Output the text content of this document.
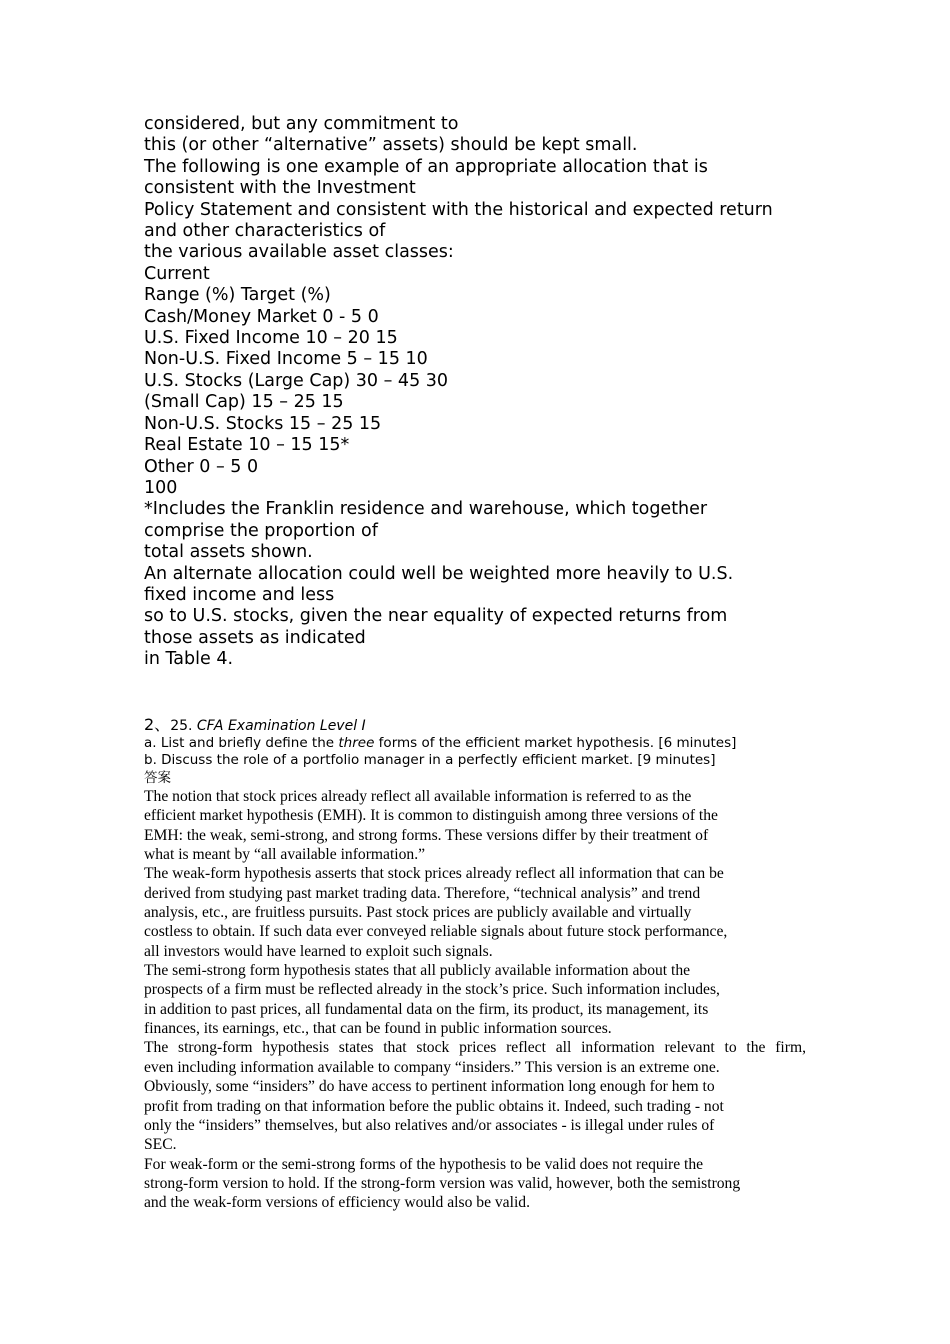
considered, but any commitment to
this (or other “alternative” assets) should be kept small.
The following is one example of an appropriate allocation that is
consistent with the Investment
Policy Statement and consistent with the historical and expected return
and other characteristics of
the various available asset classes:
Current
Range (%) Target (%)
Cash/Money Market 0 - 5 0
U.S. Fixed Income 10 – 20 15
Non-U.S. Fixed Income 5 – 15 10
U.S. Stocks (Large Cap) 30 – 45 30
(Small Cap) 15 – 25 15
Non-U.S. Stocks 15 – 25 15
Real Estate 10 – 15 15*
Other 0 – 5 0
100
*Includes the Franklin residence and warehouse, which together
comprise the proportion of
total assets shown.
An alternate allocation could well be weighted more heavily to U.S.
fixed income and less
so to U.S. stocks, given the near equality of expected returns from
those assets as indicated
in Table 4.
2、25. CFA Examination Level I
a. List and briefly define the three forms of the efficient market hypothesis. [6 minutes]
b. Discuss the role of a portfolio manager in a perfectly efficient market. [9 minutes]
答案
The notion that stock prices already reflect all available information is referred to as the
efficient market hypothesis (EMH). It is common to distinguish among three versions of the
EMH: the weak, semi-strong, and strong forms. These versions differ by their treatment of
what is meant by “all available information.”
The weak-form hypothesis asserts that stock prices already reflect all information that can be
derived from studying past market trading data. Therefore, “technical analysis” and trend
analysis, etc., are fruitless pursuits. Past stock prices are publicly available and virtually
costless to obtain. If such data ever conveyed reliable signals about future stock performance,
all investors would have learned to exploit such signals.
The semi-strong form hypothesis states that all publicly available information about the
prospects of a firm must be reflected already in the stock’s price. Such information includes,
in addition to past prices, all fundamental data on the firm, its product, its management, its
finances, its earnings, etc., that can be found in public information sources.
The strong-form hypothesis states that stock prices reflect all information relevant to the firm,
even including information available to company “insiders.” This version is an extreme one.
Obviously, some “insiders” do have access to pertinent information long enough for hem to
profit from trading on that information before the public obtains it. Indeed, such trading - not
only the “insiders” themselves, but also relatives and/or associates - is illegal under rules of
SEC.
For weak-form or the semi-strong forms of the hypothesis to be valid does not require the
strong-form version to hold. If the strong-form version was valid, however, both the semistrong
and the weak-form versions of efficiency would also be valid.
